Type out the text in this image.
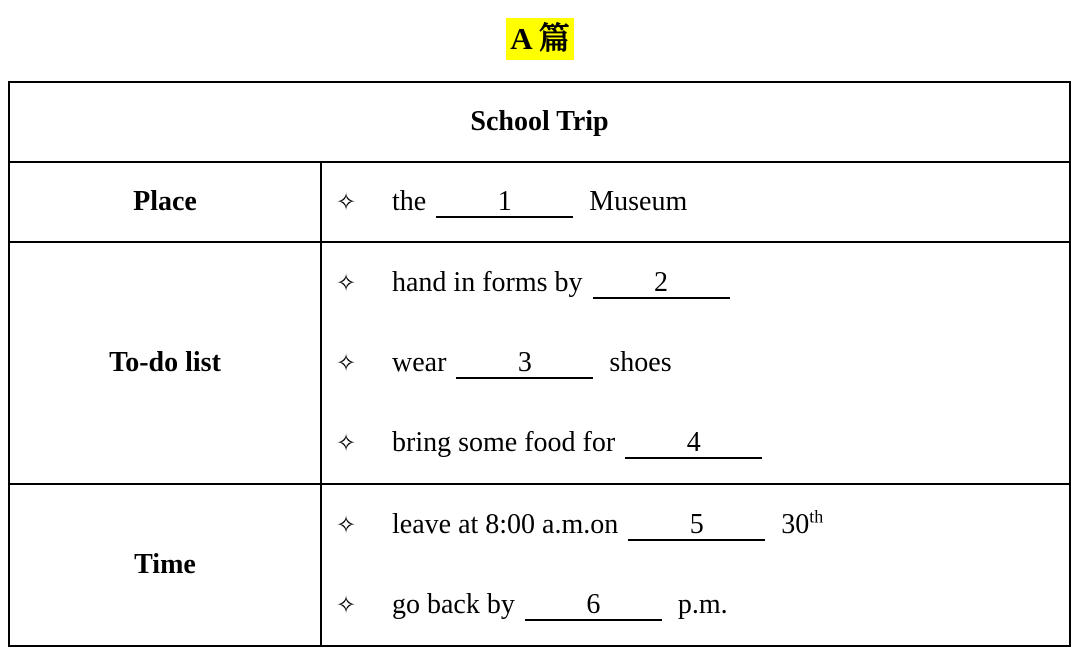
A 篇
School Trip	
Place	✧ the 1 Museum

To-do list	✧ hand in forms by 2
✧ wear 3 shoes
✧ bring some food for 4

Time	✧ leave at 8:00 a.m.on 5 30th
✧ go back by 6 p.m.
